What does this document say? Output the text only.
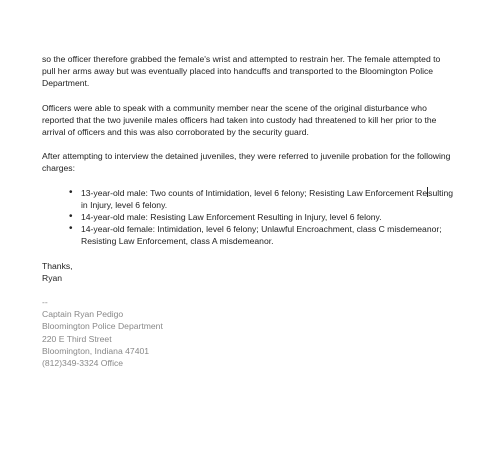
so the officer therefore grabbed the female's wrist and attempted to restrain her. The female attempted to pull her arms away but was eventually placed into handcuffs and transported to the Bloomington Police Department.

Officers were able to speak with a community member near the scene of the original disturbance who reported that the two juvenile males officers had taken into custody had threatened to kill her prior to the arrival of officers and this was also corroborated by the security guard.

After attempting to interview the detained juveniles, they were referred to juvenile probation for the following charges:

• 13-year-old male: Two counts of Intimidation, level 6 felony; Resisting Law Enforcement Resulting in Injury, level 6 felony.
• 14-year-old male: Resisting Law Enforcement Resulting in Injury, level 6 felony.
• 14-year-old female: Intimidation, level 6 felony; Unlawful Encroachment, class C misdemeanor; Resisting Law Enforcement, class A misdemeanor.
Thanks,
Ryan
--
Captain Ryan Pedigo
Bloomington Police Department
220 E Third Street
Bloomington, Indiana 47401
(812)349-3324 Office
